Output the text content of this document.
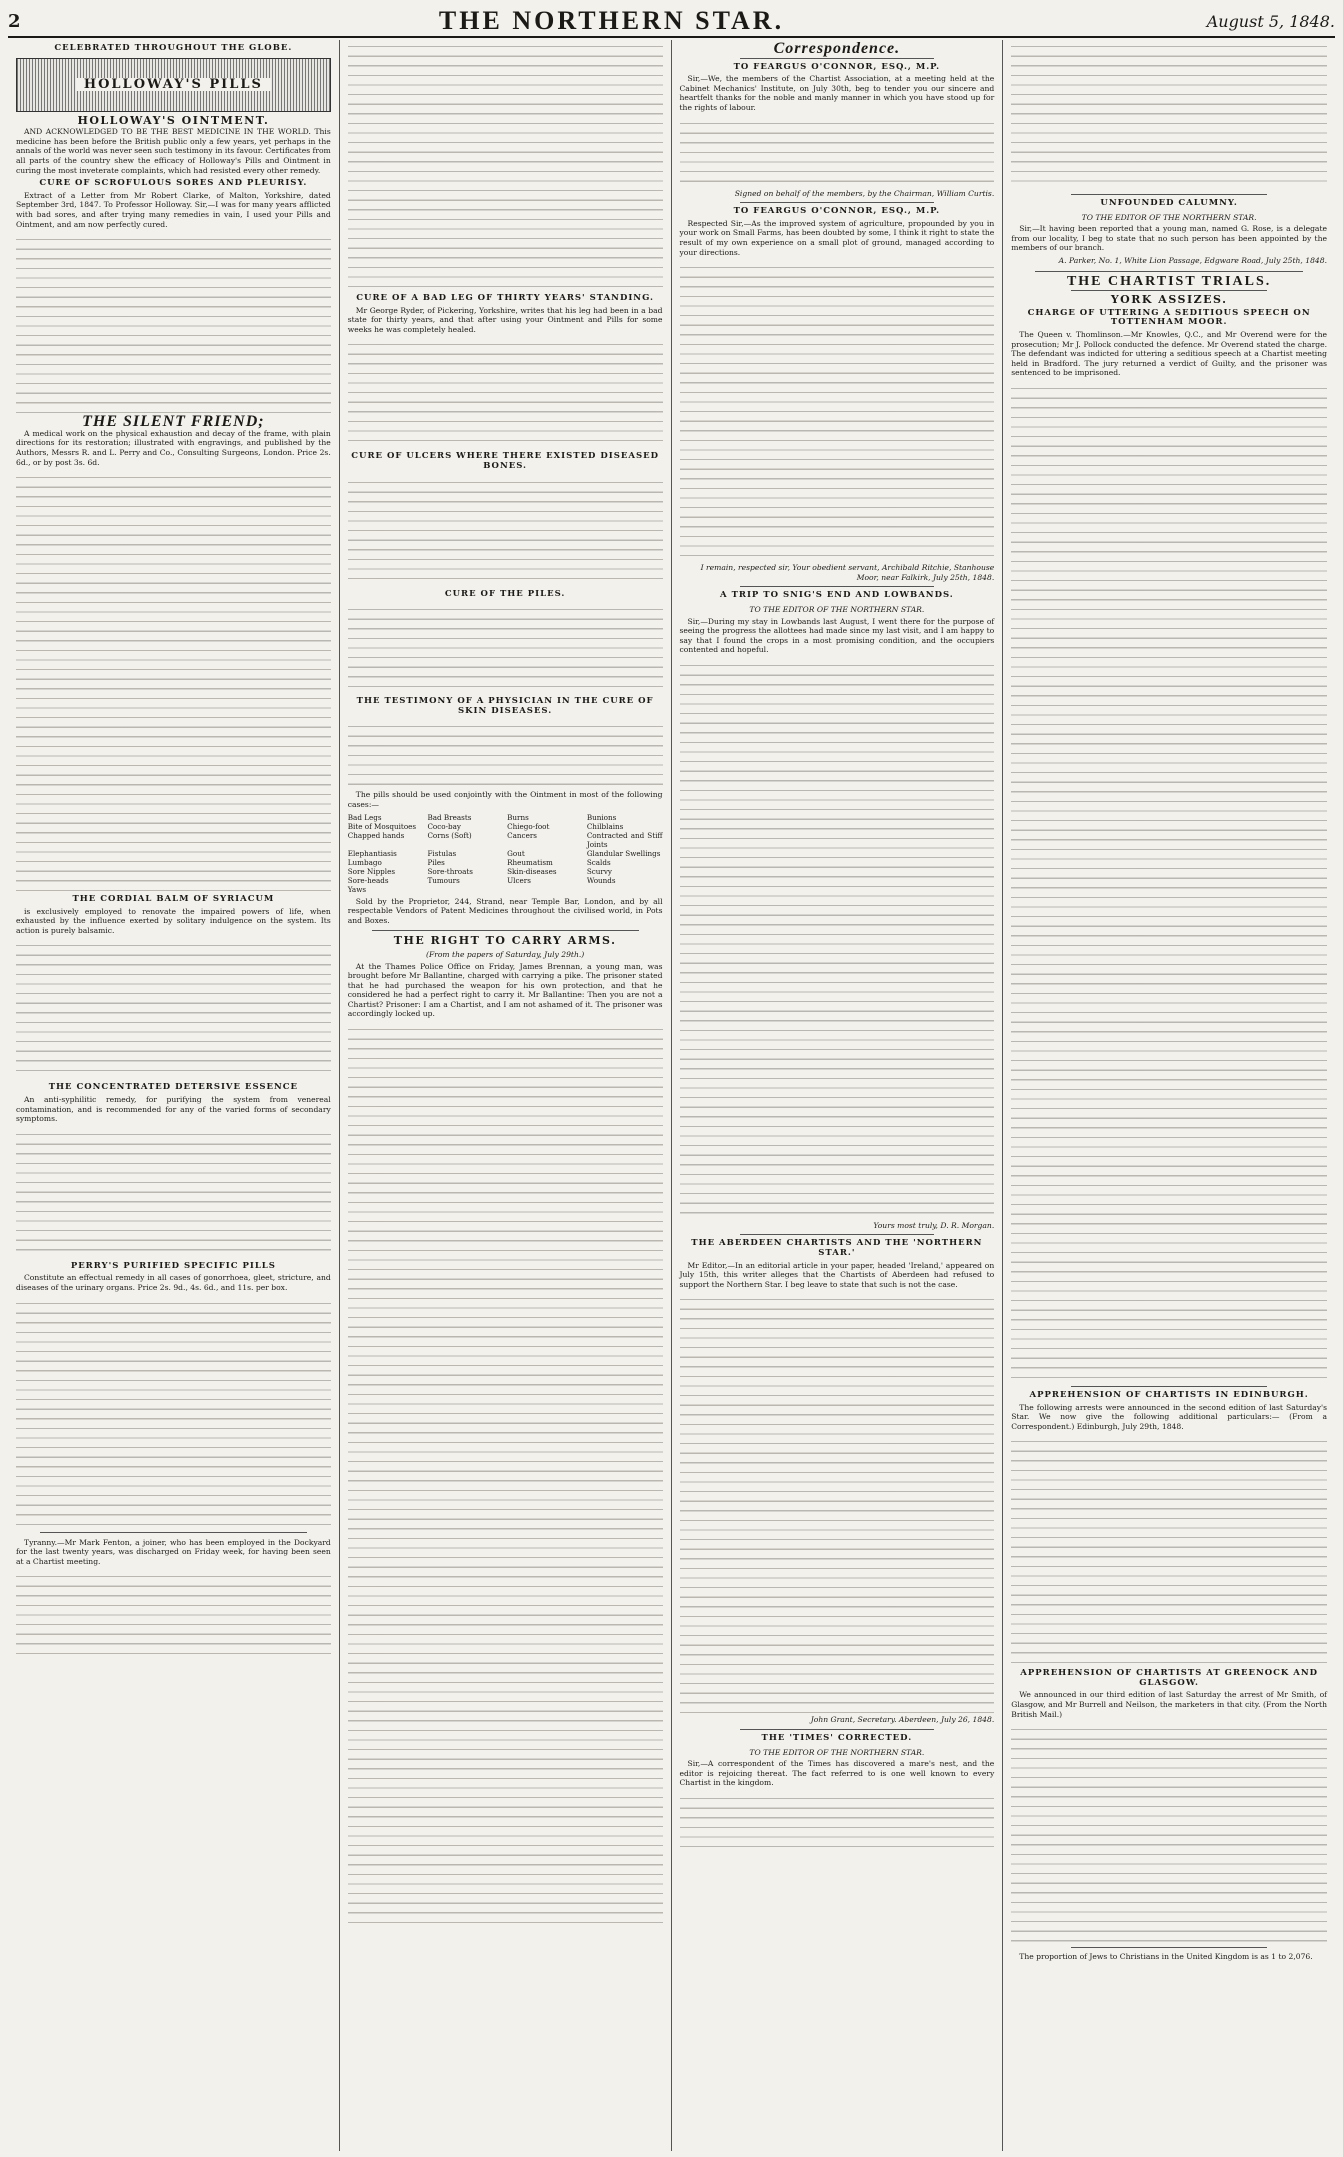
2	THE NORTHERN STAR.	August 5, 1848.
CELEBRATED THROUGHOUT THE GLOBE.
HOLLOWAY'S PILLS
HOLLOWAY'S OINTMENT.

AND ACKNOWLEDGED TO BE THE BEST MEDICINE IN THE WORLD. This medicine has been before the British public only a few years, yet perhaps in the annals of the world was never seen such testimony in its favour. Certificates from all parts of the country shew the efficacy of Holloway's Pills and Ointment in curing the most inveterate complaints, which had resisted every other remedy.

CURE OF SCROFULOUS SORES AND PLEURISY.

Extract of a Letter from Mr Robert Clarke, of Malton, Yorkshire, dated September 3rd, 1847. To Professor Holloway. Sir,—I was for many years afflicted with bad sores, and after trying many remedies in vain, I used your Pills and Ointment, and am now perfectly cured.

THE SILENT FRIEND;

A medical work on the physical exhaustion and decay of the frame, with plain directions for its restoration; illustrated with engravings, and published by the Authors, Messrs R. and L. Perry and Co., Consulting Surgeons, London. Price 2s. 6d., or by post 3s. 6d.

THE CORDIAL BALM OF SYRIACUM

is exclusively employed to renovate the impaired powers of life, when exhausted by the influence exerted by solitary indulgence on the system. Its action is purely balsamic.

THE CONCENTRATED DETERSIVE ESSENCE

An anti-syphilitic remedy, for purifying the system from venereal contamination, and is recommended for any of the varied forms of secondary symptoms.

PERRY'S PURIFIED SPECIFIC PILLS

Constitute an effectual remedy in all cases of gonorrhoea, gleet, stricture, and diseases of the urinary organs. Price 2s. 9d., 4s. 6d., and 11s. per box.

Tyranny.—Mr Mark Fenton, a joiner, who has been employed in the Dockyard for the last twenty years, was discharged on Friday week, for having been seen at a Chartist meeting.

CURE OF A BAD LEG OF THIRTY YEARS' STANDING.

Mr George Ryder, of Pickering, Yorkshire, writes that his leg had been in a bad state for thirty years, and that after using your Ointment and Pills for some weeks he was completely healed.

CURE OF ULCERS WHERE THERE EXISTED DISEASED BONES.
CURE OF THE PILES.
THE TESTIMONY OF A PHYSICIAN IN THE CURE OF SKIN DISEASES.

The pills should be used conjointly with the Ointment in most of the following cases:—

Bad Legs	Bad Breasts	Burns	Bunions
Bite of Mosquitoes	Coco-bay	Chiego-foot	Chilblains
Chapped hands	Corns (Soft)	Cancers	Contracted and Stiff Joints
Elephantiasis	Fistulas	Gout	Glandular Swellings
Lumbago	Piles	Rheumatism	Scalds
Sore Nipples	Sore-throats	Skin-diseases	Scurvy
Sore-heads	Tumours	Ulcers	Wounds
Yaws

Sold by the Proprietor, 244, Strand, near Temple Bar, London, and by all respectable Vendors of Patent Medicines throughout the civilised world, in Pots and Boxes.

THE RIGHT TO CARRY ARMS.
(From the papers of Saturday, July 29th.)

At the Thames Police Office on Friday, James Brennan, a young man, was brought before Mr Ballantine, charged with carrying a pike. The prisoner stated that he had purchased the weapon for his own protection, and that he considered he had a perfect right to carry it. Mr Ballantine: Then you are not a Chartist? Prisoner: I am a Chartist, and I am not ashamed of it. The prisoner was accordingly locked up.

Correspondence.
TO FEARGUS O'CONNOR, ESQ., M.P.

Sir,—We, the members of the Chartist Association, at a meeting held at the Cabinet Mechanics' Institute, on July 30th, beg to tender you our sincere and heartfelt thanks for the noble and manly manner in which you have stood up for the rights of labour.

Signed on behalf of the members, by the Chairman, William Curtis.
TO FEARGUS O'CONNOR, ESQ., M.P.

Respected Sir,—As the improved system of agriculture, propounded by you in your work on Small Farms, has been doubted by some, I think it right to state the result of my own experience on a small plot of ground, managed according to your directions.

I remain, respected sir, Your obedient servant, Archibald Ritchie, Stanhouse Moor, near Falkirk, July 25th, 1848.
A TRIP TO SNIG'S END AND LOWBANDS.
TO THE EDITOR OF THE NORTHERN STAR.

Sir,—During my stay in Lowbands last August, I went there for the purpose of seeing the progress the allottees had made since my last visit, and I am happy to say that I found the crops in a most promising condition, and the occupiers contented and hopeful.

Yours most truly, D. R. Morgan.
THE ABERDEEN CHARTISTS AND THE 'NORTHERN STAR.'

Mr Editor,—In an editorial article in your paper, headed 'Ireland,' appeared on July 15th, this writer alleges that the Chartists of Aberdeen had refused to support the Northern Star. I beg leave to state that such is not the case.

John Grant, Secretary. Aberdeen, July 26, 1848.
THE 'TIMES' CORRECTED.
TO THE EDITOR OF THE NORTHERN STAR.

Sir,—A correspondent of the Times has discovered a mare's nest, and the editor is rejoicing thereat. The fact referred to is one well known to every Chartist in the kingdom.

UNFOUNDED CALUMNY.
TO THE EDITOR OF THE NORTHERN STAR.

Sir,—It having been reported that a young man, named G. Rose, is a delegate from our locality, I beg to state that no such person has been appointed by the members of our branch.

A. Parker, No. 1, White Lion Passage, Edgware Road, July 25th, 1848.
THE CHARTIST TRIALS.
YORK ASSIZES.
CHARGE OF UTTERING A SEDITIOUS SPEECH ON TOTTENHAM MOOR.

The Queen v. Thomlinson.—Mr Knowles, Q.C., and Mr Overend were for the prosecution; Mr J. Pollock conducted the defence. Mr Overend stated the charge. The defendant was indicted for uttering a seditious speech at a Chartist meeting held in Bradford. The jury returned a verdict of Guilty, and the prisoner was sentenced to be imprisoned.

APPREHENSION OF CHARTISTS IN EDINBURGH.

The following arrests were announced in the second edition of last Saturday's Star. We now give the following additional particulars:— (From a Correspondent.) Edinburgh, July 29th, 1848.

APPREHENSION OF CHARTISTS AT GREENOCK AND GLASGOW.

We announced in our third edition of last Saturday the arrest of Mr Smith, of Glasgow, and Mr Burrell and Neilson, the marketers in that city. (From the North British Mail.)

The proportion of Jews to Christians in the United Kingdom is as 1 to 2,076.
